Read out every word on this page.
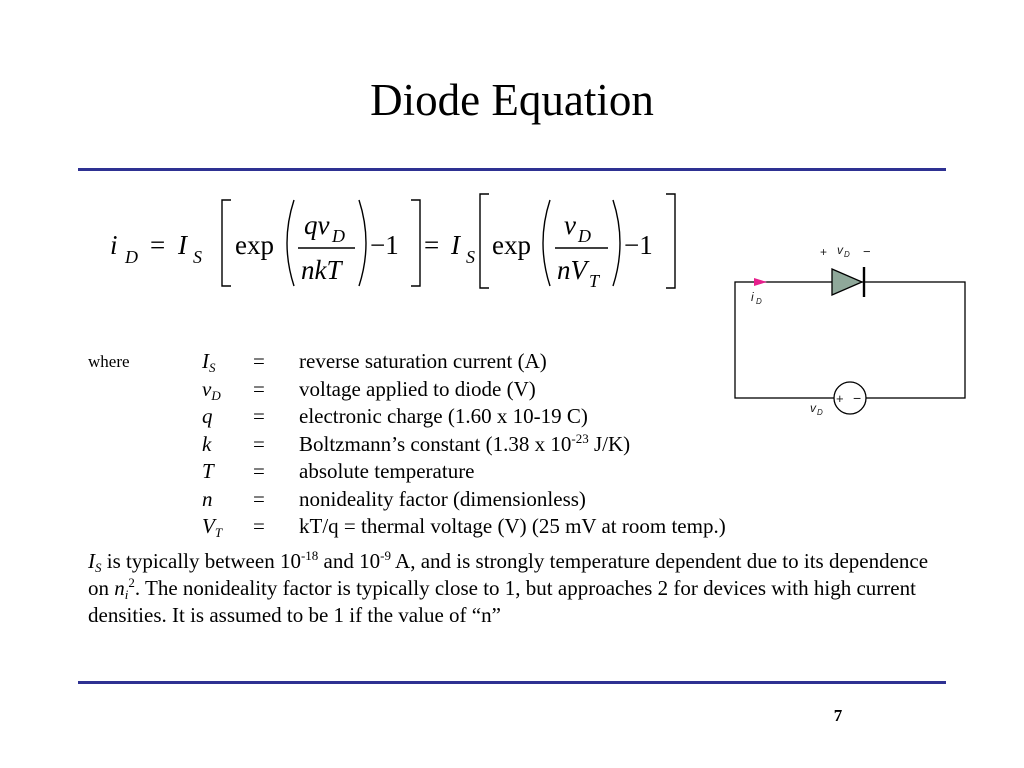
Diode Equation
i D = I S exp
qv D
nkT
−1 = I S exp
v D
nV T
−1	+ v D −
i D
+ −
v D
where	$I_S$ = reverse saturation current (A)
$v_D$ = voltage applied to diode (V)
q = electronic charge (1.60 x 10-19 C)
k = Boltzmann’s constant (1.38 x $10^{-23}$ J/K)
T = absolute temperature
n = nonideality factor (dimensionless)
$V_T = kT/q$ = thermal voltage (V) (25 mV at room temp.)
$I_S$ is typically between $10^{-18}$ and $10^{-9}$ A, and is strongly temperature dependent due to its dependence on $n_i^2$. The nonideality factor is typically close to 1, but approaches 2 for devices with high current densities. It is assumed to be 1 if the value of “n”
7
